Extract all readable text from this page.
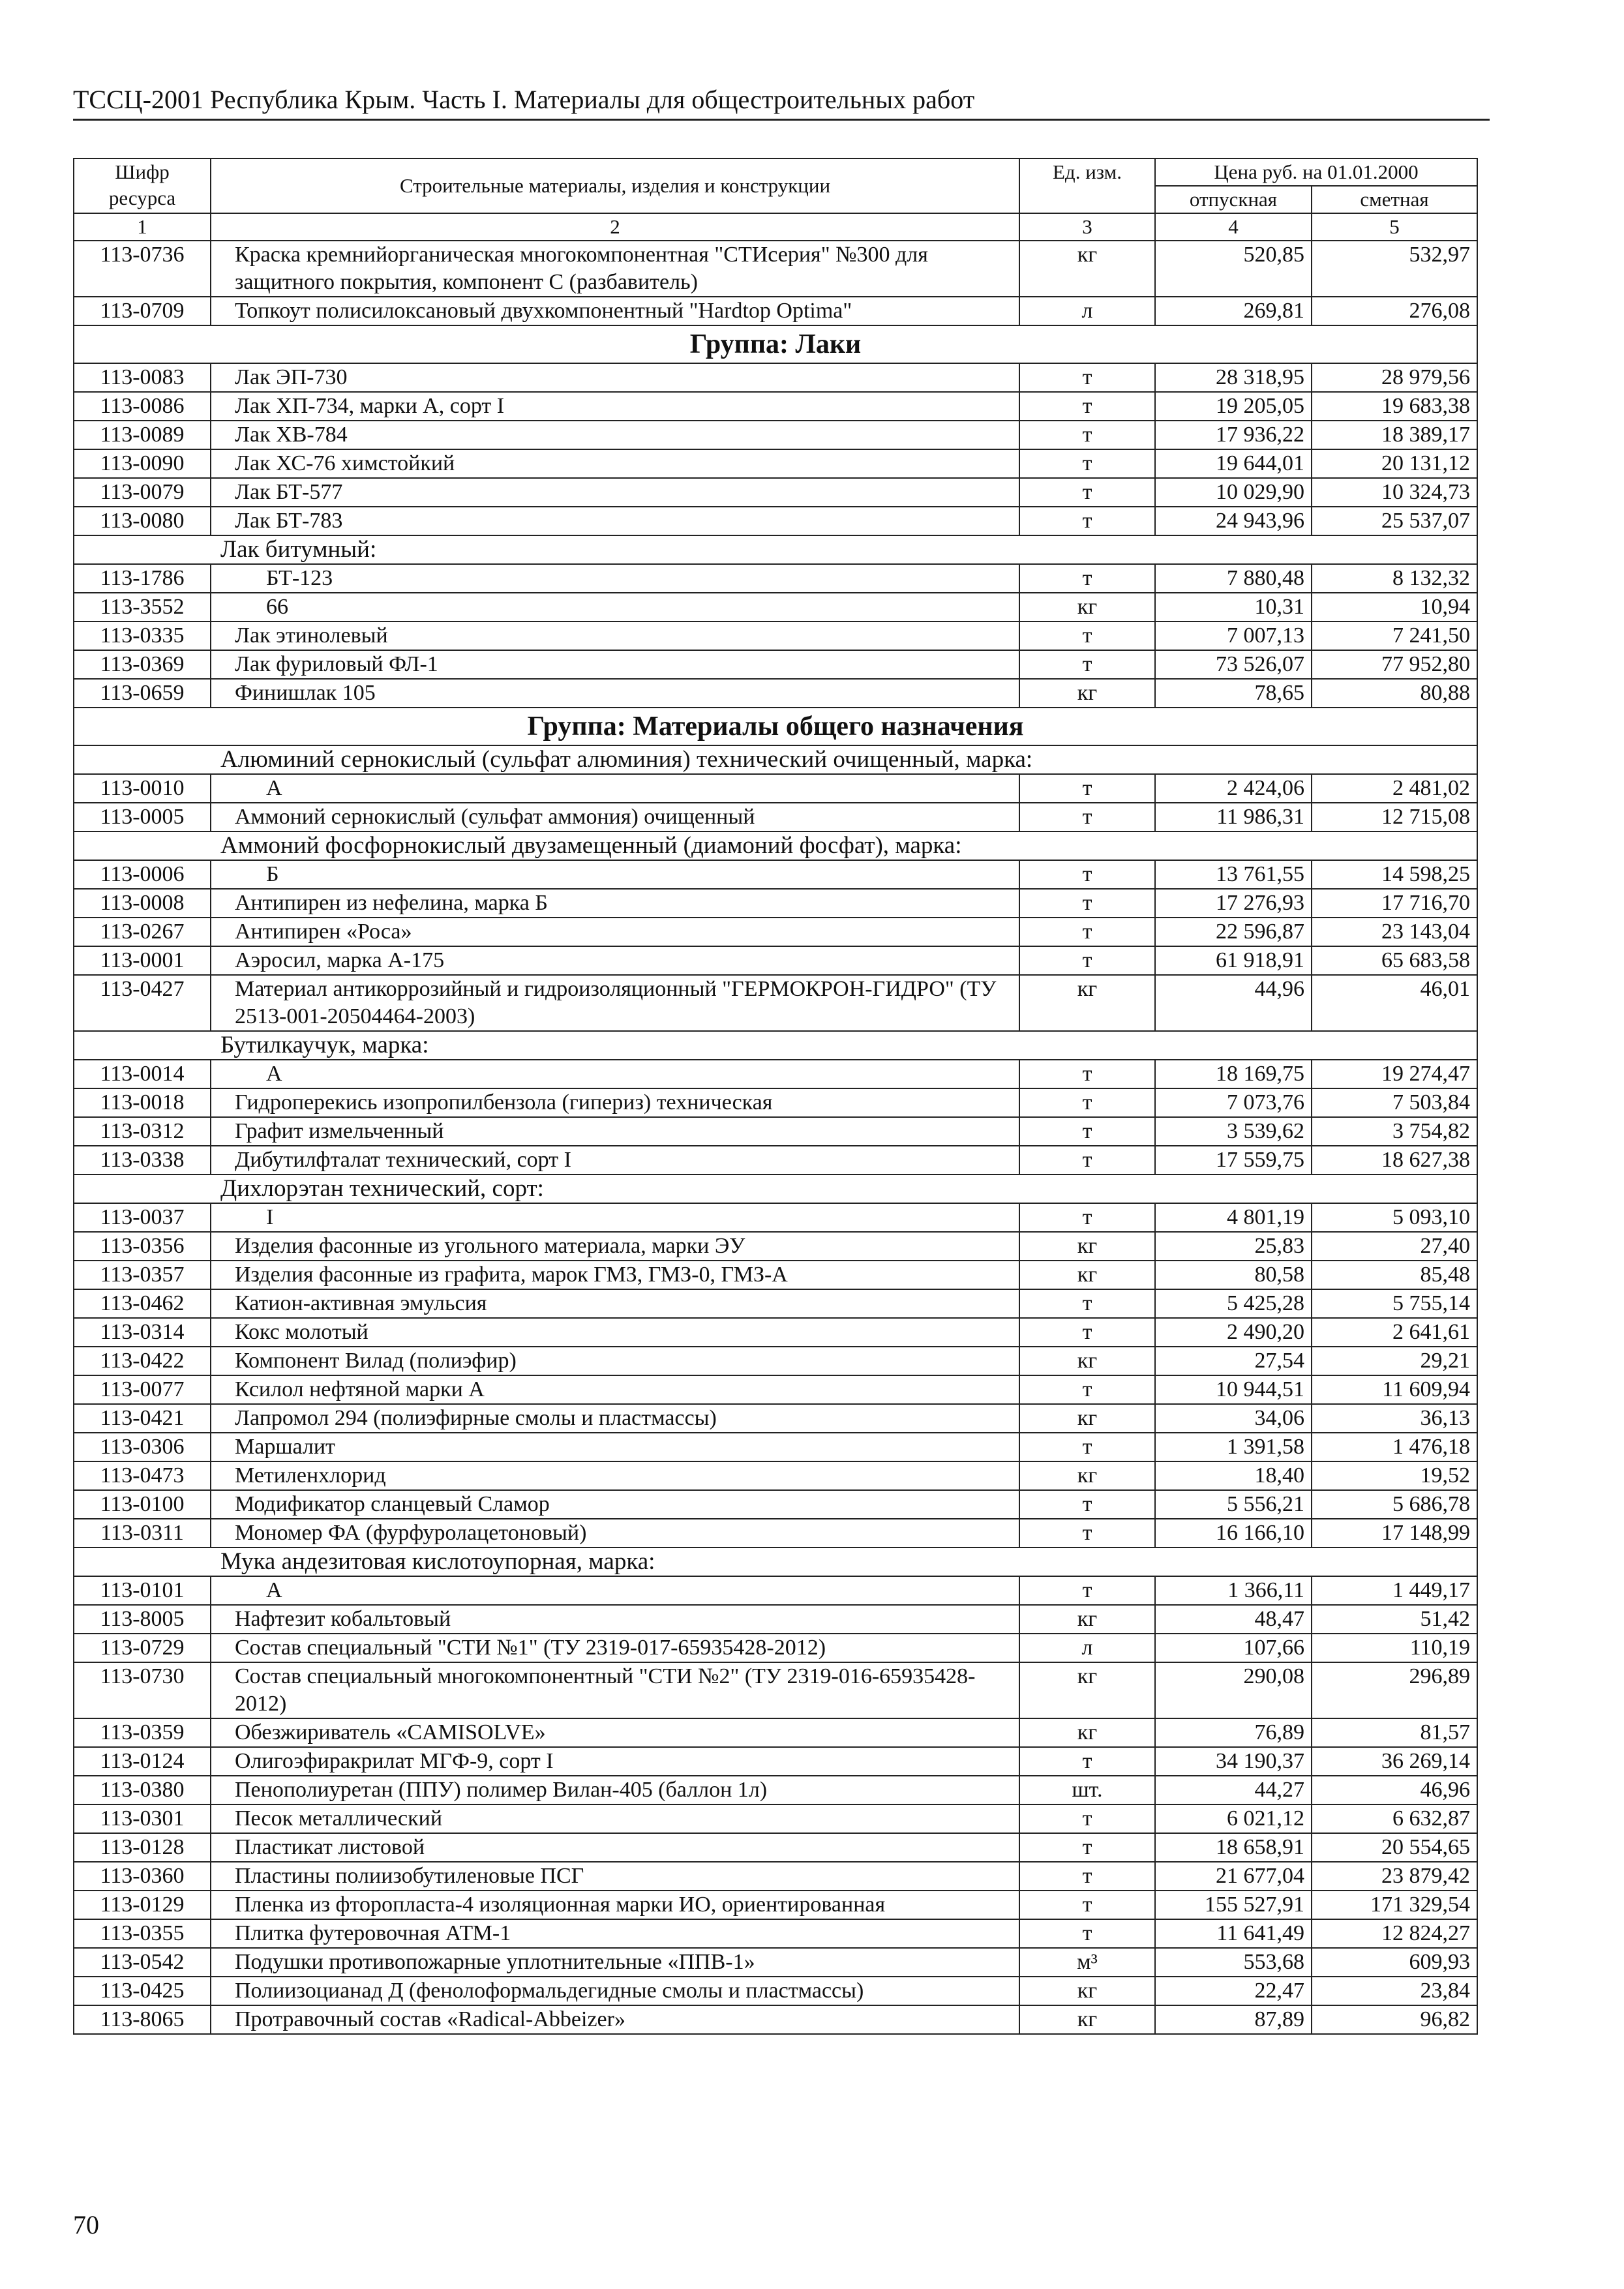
ТССЦ-2001 Республика Крым. Часть I. Материалы для общестроительных работ
Шифр ресурса	Строительные материалы, изделия и конструкции	Ед. изм.	Цена руб. на 01.01.2000	
			отпускная	сметная
1	2	3	4	5
113-0736	Краска кремнийорганическая многокомпонентная "СТИсерия" №300 для защитного покрытия, компонент С (разбавитель)	кг	520,85	532,97
113-0709	Топкоут полисилоксановый двухкомпонентный "Hardtop Optima"	л	269,81	276,08
Группа: Лаки				
113-0083	Лак ЭП-730	т	28 318,95	28 979,56
113-0086	Лак ХП-734, марки А, сорт I	т	19 205,05	19 683,38
113-0089	Лак ХВ-784	т	17 936,22	18 389,17
113-0090	Лак ХС-76 химстойкий	т	19 644,01	20 131,12
113-0079	Лак БТ-577	т	10 029,90	10 324,73
113-0080	Лак БТ-783	т	24 943,96	25 537,07
Лак битумный:				
113-1786	БТ-123	т	7 880,48	8 132,32
113-3552	66	кг	10,31	10,94
113-0335	Лак этинолевый	т	7 007,13	7 241,50
113-0369	Лак фуриловый ФЛ-1	т	73 526,07	77 952,80
113-0659	Финишлак 105	кг	78,65	80,88
Группа: Материалы общего назначения				
Алюминий сернокислый (сульфат алюминия) технический очищенный, марка:				
113-0010	А	т	2 424,06	2 481,02
113-0005	Аммоний сернокислый (сульфат аммония) очищенный	т	11 986,31	12 715,08
Аммоний фосфорнокислый двузамещенный (диамоний фосфат), марка:				
113-0006	Б	т	13 761,55	14 598,25
113-0008	Антипирен из нефелина, марка Б	т	17 276,93	17 716,70
113-0267	Антипирен «Роса»	т	22 596,87	23 143,04
113-0001	Аэросил, марка А-175	т	61 918,91	65 683,58
113-0427	Материал антикоррозийный и гидроизоляционный "ГЕРМОКРОН-ГИДРО" (ТУ 2513-001-20504464-2003)	кг	44,96	46,01
Бутилкаучук, марка:				
113-0014	А	т	18 169,75	19 274,47
113-0018	Гидроперекись изопропилбензола (гипериз) техническая	т	7 073,76	7 503,84
113-0312	Графит измельченный	т	3 539,62	3 754,82
113-0338	Дибутилфталат технический, сорт I	т	17 559,75	18 627,38
Дихлорэтан технический, сорт:				
113-0037	I	т	4 801,19	5 093,10
113-0356	Изделия фасонные из угольного материала, марки ЭУ	кг	25,83	27,40
113-0357	Изделия фасонные из графита, марок ГМЗ, ГМЗ-0, ГМЗ-А	кг	80,58	85,48
113-0462	Катион-активная эмульсия	т	5 425,28	5 755,14
113-0314	Кокс молотый	т	2 490,20	2 641,61
113-0422	Компонент Вилад (полиэфир)	кг	27,54	29,21
113-0077	Ксилол нефтяной марки А	т	10 944,51	11 609,94
113-0421	Лапромол 294 (полиэфирные смолы и пластмассы)	кг	34,06	36,13
113-0306	Маршалит	т	1 391,58	1 476,18
113-0473	Метиленхлорид	кг	18,40	19,52
113-0100	Модификатор сланцевый Сламор	т	5 556,21	5 686,78
113-0311	Мономер ФА (фурфуролацетоновый)	т	16 166,10	17 148,99
Мука андезитовая кислотоупорная, марка:				
113-0101	А	т	1 366,11	1 449,17
113-8005	Нафтезит кобальтовый	кг	48,47	51,42
113-0729	Состав специальный "СТИ №1" (ТУ 2319-017-65935428-2012)	л	107,66	110,19
113-0730	Состав специальный многокомпонентный "СТИ №2" (ТУ 2319-016-65935428-2012)	кг	290,08	296,89
113-0359	Обезжириватель «CAMISOLVE»	кг	76,89	81,57
113-0124	Олигоэфиракрилат МГФ-9, сорт I	т	34 190,37	36 269,14
113-0380	Пенополиуретан (ППУ) полимер Вилан-405 (баллон 1л)	шт.	44,27	46,96
113-0301	Песок металлический	т	6 021,12	6 632,87
113-0128	Пластикат листовой	т	18 658,91	20 554,65
113-0360	Пластины полиизобутиленовые ПСГ	т	21 677,04	23 879,42
113-0129	Пленка из фторопласта-4 изоляционная марки ИО, ориентированная	т	155 527,91	171 329,54
113-0355	Плитка футеровочная АТМ-1	т	11 641,49	12 824,27
113-0542	Подушки противопожарные уплотнительные «ППВ-1»	м³	553,68	609,93
113-0425	Полиизоцианад Д (фенолоформальдегидные смолы и пластмассы)	кг	22,47	23,84
113-8065	Протравочный состав «Radical-Abbeizer»	кг	87,89	96,82
70
